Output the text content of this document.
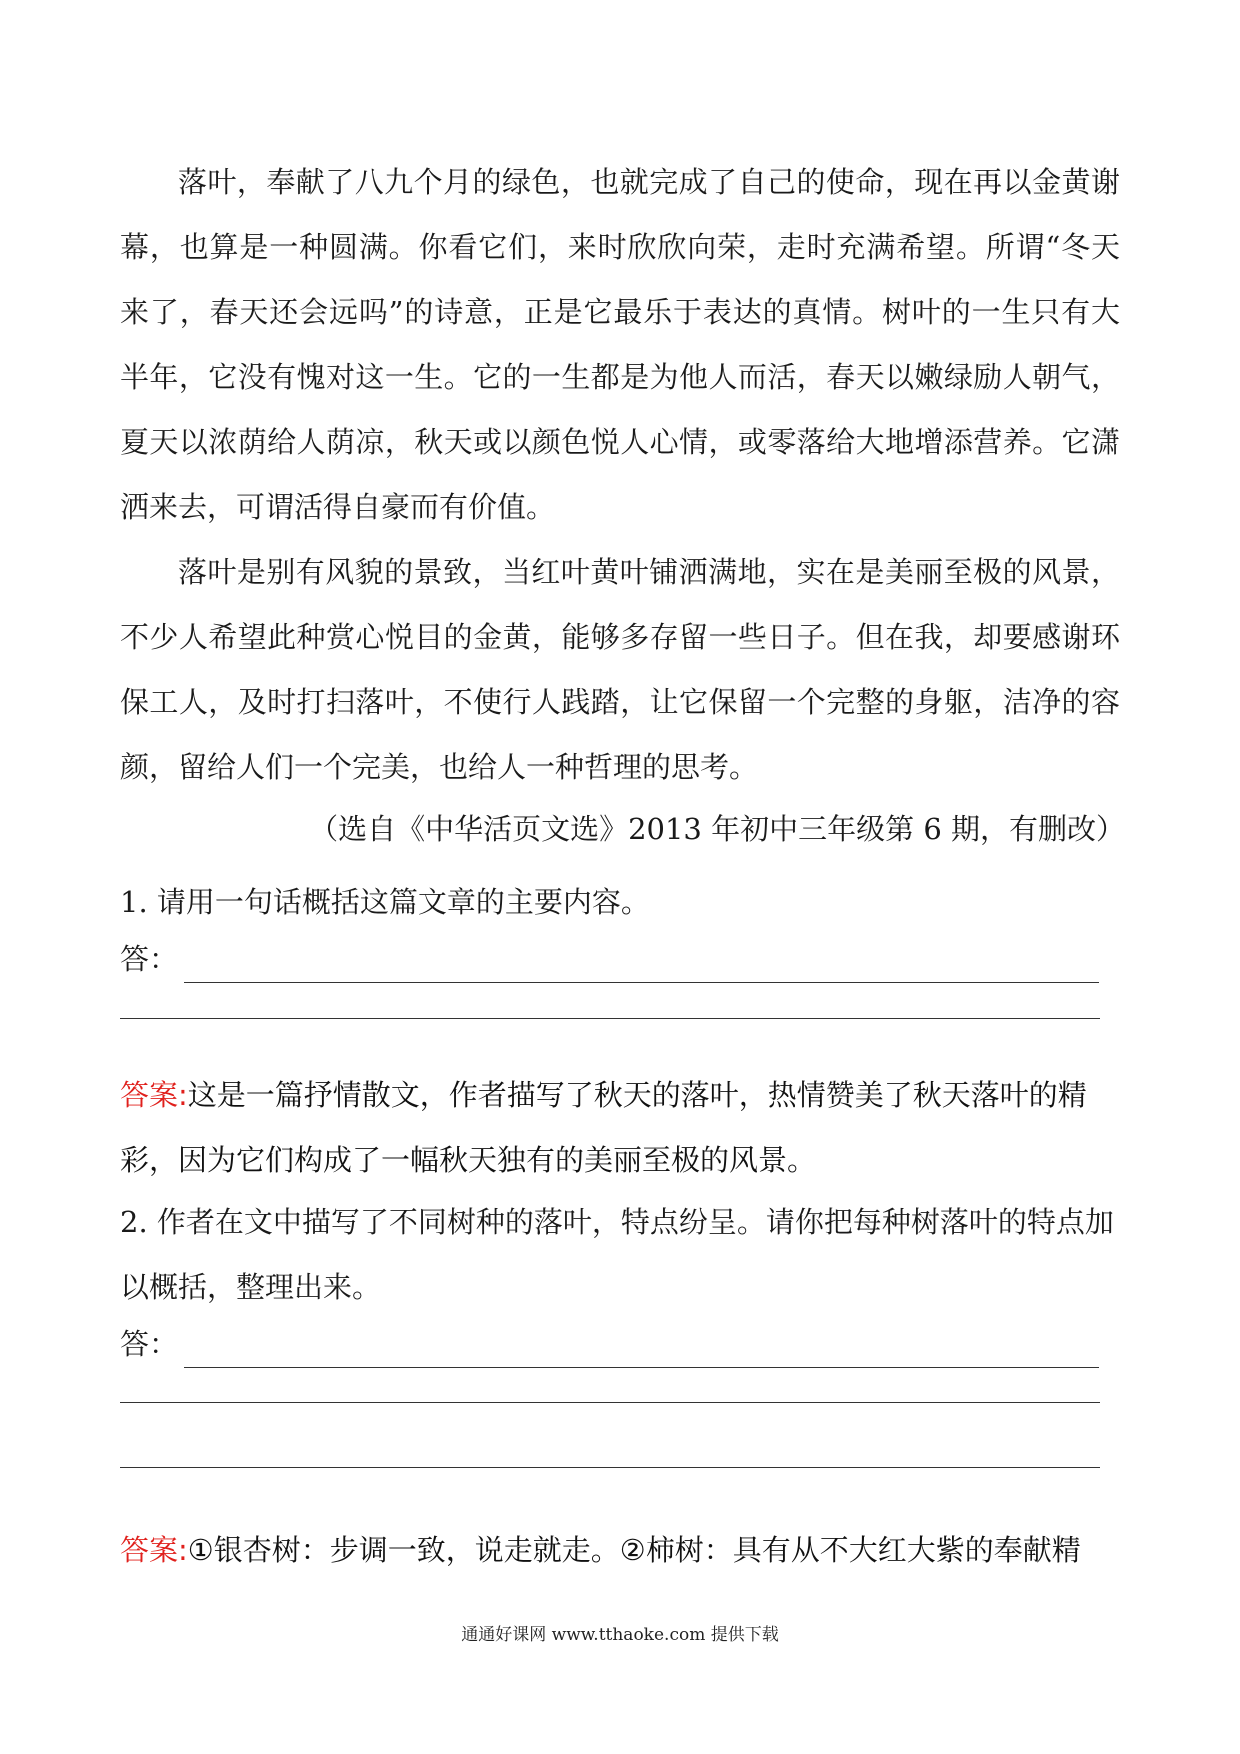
落叶，奉献了八九个月的绿色，也就完成了自己的使命，现在再以金黄谢幕，也算是一种圆满。你看它们，来时欣欣向荣，走时充满希望。所谓“冬天来了，春天还会远吗”的诗意，正是它最乐于表达的真情。树叶的一生只有大半年，它没有愧对这一生。它的一生都是为他人而活，春天以嫩绿励人朝气，夏天以浓荫给人荫凉，秋天或以颜色悦人心情，或零落给大地增添营养。它潇洒来去，可谓活得自豪而有价值。

落叶是别有风貌的景致，当红叶黄叶铺洒满地，实在是美丽至极的风景，不少人希望此种赏心悦目的金黄，能够多存留一些日子。但在我，却要感谢环保工人，及时打扫落叶，不使行人践踏，让它保留一个完整的身躯，洁净的容颜，留给人们一个完美，也给人一种哲理的思考。

（选自《中华活页文选》2013 年初中三年级第 6 期，有删改）

1. 请用一句话概括这篇文章的主要内容。

答：

答案:这是一篇抒情散文，作者描写了秋天的落叶，热情赞美了秋天落叶的精彩，因为它们构成了一幅秋天独有的美丽至极的风景。

2. 作者在文中描写了不同树种的落叶，特点纷呈。请你把每种树落叶的特点加以概括，整理出来。

答：

答案:①银杏树：步调一致，说走就走。②柿树：具有从不大红大紫的奉献精

通通好课网 www.tthaoke.com 提供下载
